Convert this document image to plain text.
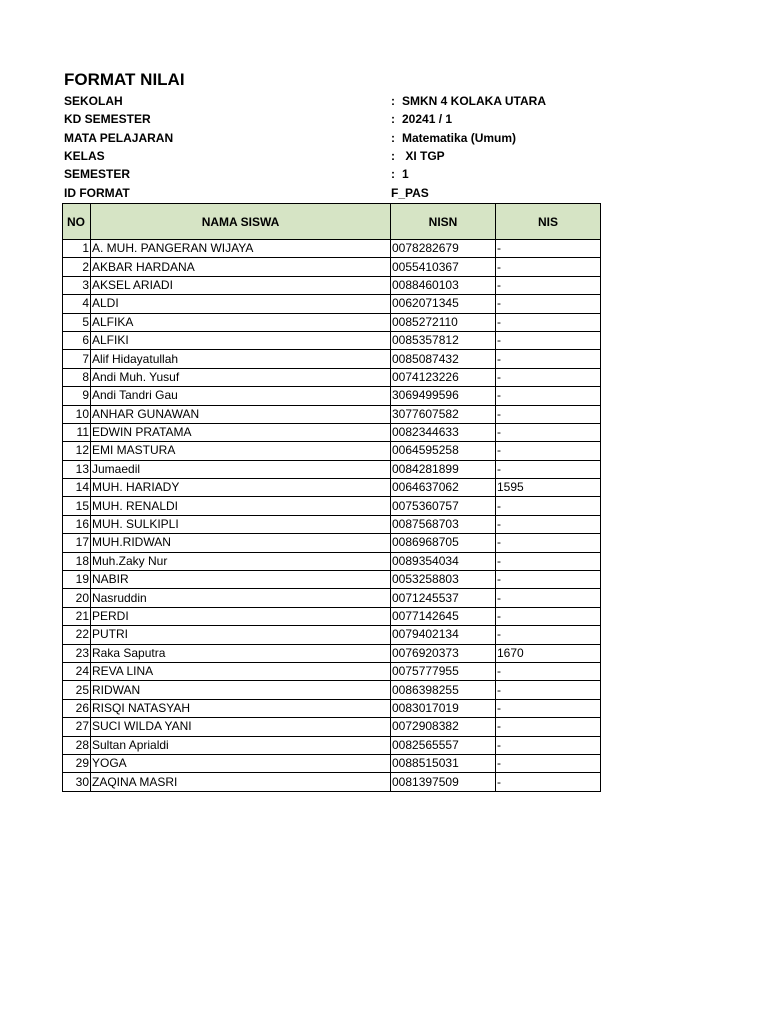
FORMAT NILAI
SEKOLAH	: SMKN 4 KOLAKA UTARA
KD SEMESTER	: 20241 / 1
MATA PELAJARAN	: Matematika (Umum)
KELAS	: XI TGP
SEMESTER	: 1
ID FORMAT	F_PAS
NO	NAMA SISWA	NISN	NIS
1	A. MUH. PANGERAN WIJAYA	0078282679	-
2	AKBAR HARDANA	0055410367	-
3	AKSEL ARIADI	0088460103	-
4	ALDI	0062071345	-
5	ALFIKA	0085272110	-
6	ALFIKI	0085357812	-
7	Alif Hidayatullah	0085087432	-
8	Andi Muh. Yusuf	0074123226	-
9	Andi Tandri Gau	3069499596	-
10	ANHAR GUNAWAN	3077607582	-
11	EDWIN PRATAMA	0082344633	-
12	EMI MASTURA	0064595258	-
13	Jumaedil	0084281899	-
14	MUH. HARIADY	0064637062	1595
15	MUH. RENALDI	0075360757	-
16	MUH. SULKIPLI	0087568703	-
17	MUH.RIDWAN	0086968705	-
18	Muh.Zaky Nur	0089354034	-
19	NABIR	0053258803	-
20	Nasruddin	0071245537	-
21	PERDI	0077142645	-
22	PUTRI	0079402134	-
23	Raka Saputra	0076920373	1670
24	REVA LINA	0075777955	-
25	RIDWAN	0086398255	-
26	RISQI NATASYAH	0083017019	-
27	SUCI WILDA YANI	0072908382	-
28	Sultan Aprialdi	0082565557	-
29	YOGA	0088515031	-
30	ZAQINA MASRI	0081397509	-
